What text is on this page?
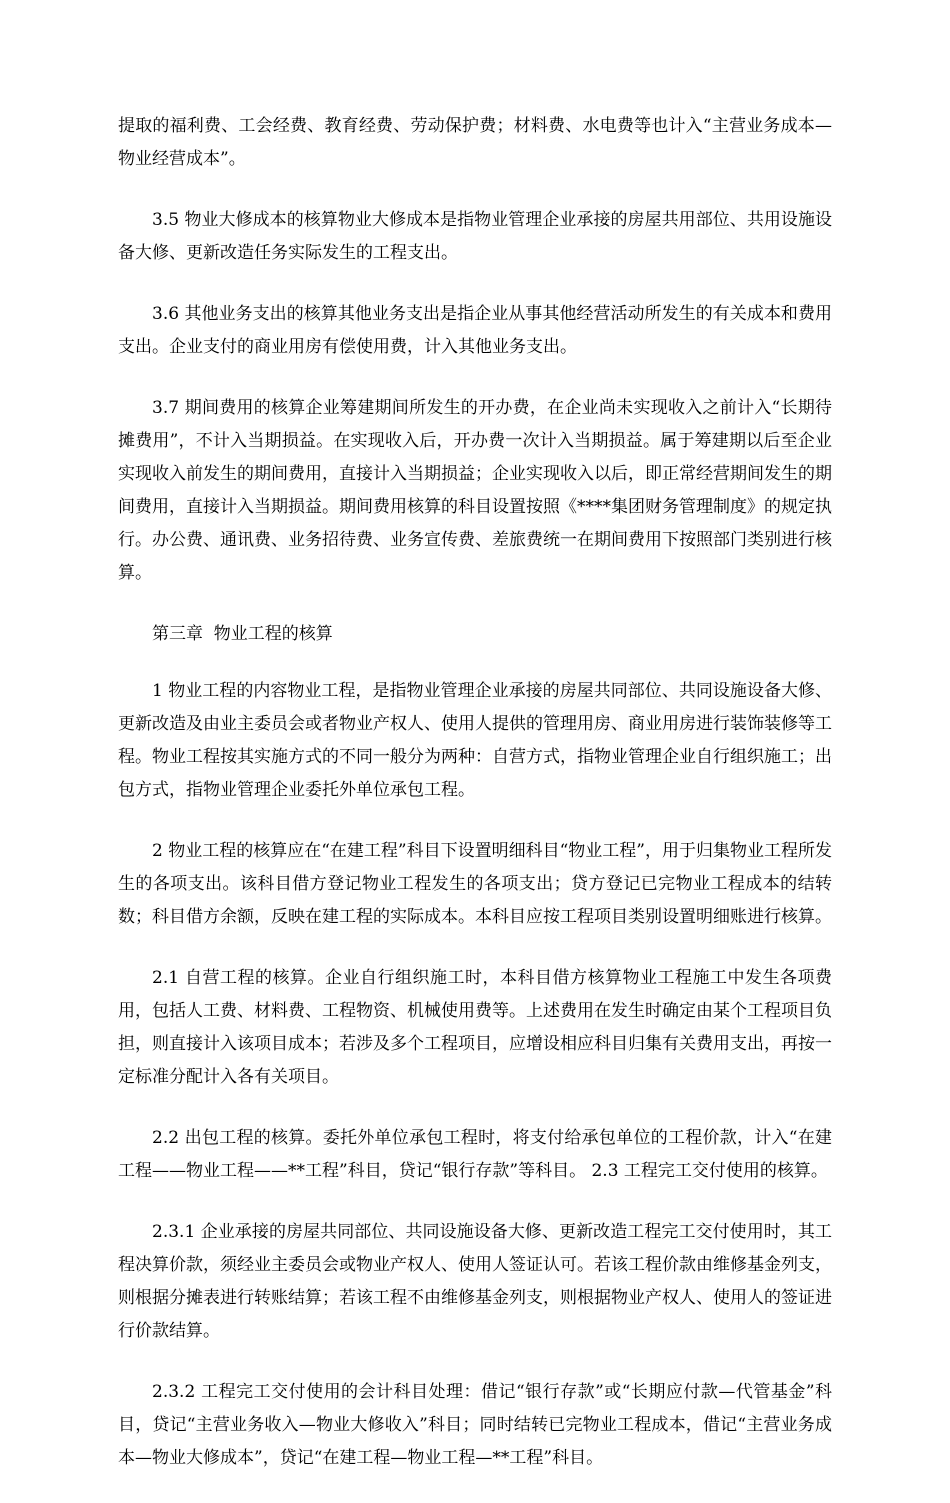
提取的福利费、工会经费、教育经费、劳动保护费；材料费、水电费等也计入“主营业务成本—物业经营成本”。

3.5 物业大修成本的核算物业大修成本是指物业管理企业承接的房屋共用部位、共用设施设备大修、更新改造任务实际发生的工程支出。

3.6 其他业务支出的核算其他业务支出是指企业从事其他经营活动所发生的有关成本和费用支出。企业支付的商业用房有偿使用费，计入其他业务支出。

3.7 期间费用的核算企业筹建期间所发生的开办费，在企业尚未实现收入之前计入“长期待摊费用”，不计入当期损益。在实现收入后，开办费一次计入当期损益。属于筹建期以后至企业实现收入前发生的期间费用，直接计入当期损益；企业实现收入以后，即正常经营期间发生的期间费用，直接计入当期损益。期间费用核算的科目设置按照《****集团财务管理制度》的规定执行。办公费、通讯费、业务招待费、业务宣传费、差旅费统一在期间费用下按照部门类别进行核算。

第三章  物业工程的核算

1 物业工程的内容物业工程，是指物业管理企业承接的房屋共同部位、共同设施设备大修、更新改造及由业主委员会或者物业产权人、使用人提供的管理用房、商业用房进行装饰装修等工程。物业工程按其实施方式的不同一般分为两种：自营方式，指物业管理企业自行组织施工；出包方式，指物业管理企业委托外单位承包工程。

2 物业工程的核算应在“在建工程”科目下设置明细科目“物业工程”，用于归集物业工程所发生的各项支出。该科目借方登记物业工程发生的各项支出；贷方登记已完物业工程成本的结转数；科目借方余额，反映在建工程的实际成本。本科目应按工程项目类别设置明细账进行核算。

2.1 自营工程的核算。企业自行组织施工时，本科目借方核算物业工程施工中发生各项费用，包括人工费、材料费、工程物资、机械使用费等。上述费用在发生时确定由某个工程项目负担，则直接计入该项目成本；若涉及多个工程项目，应增设相应科目归集有关费用支出，再按一定标准分配计入各有关项目。

2.2 出包工程的核算。委托外单位承包工程时，将支付给承包单位的工程价款，计入“在建工程——物业工程——**工程”科目，贷记“银行存款”等科目。 2.3 工程完工交付使用的核算。

2.3.1 企业承接的房屋共同部位、共同设施设备大修、更新改造工程完工交付使用时，其工程决算价款，须经业主委员会或物业产权人、使用人签证认可。若该工程价款由维修基金列支，则根据分摊表进行转账结算；若该工程不由维修基金列支，则根据物业产权人、使用人的签证进行价款结算。

2.3.2 工程完工交付使用的会计科目处理：借记“银行存款”或“长期应付款—代管基金”科目，贷记“主营业务收入—物业大修收入”科目；同时结转已完物业工程成本，借记“主营业务成本—物业大修成本”，贷记“在建工程—物业工程—**工程”科目。
